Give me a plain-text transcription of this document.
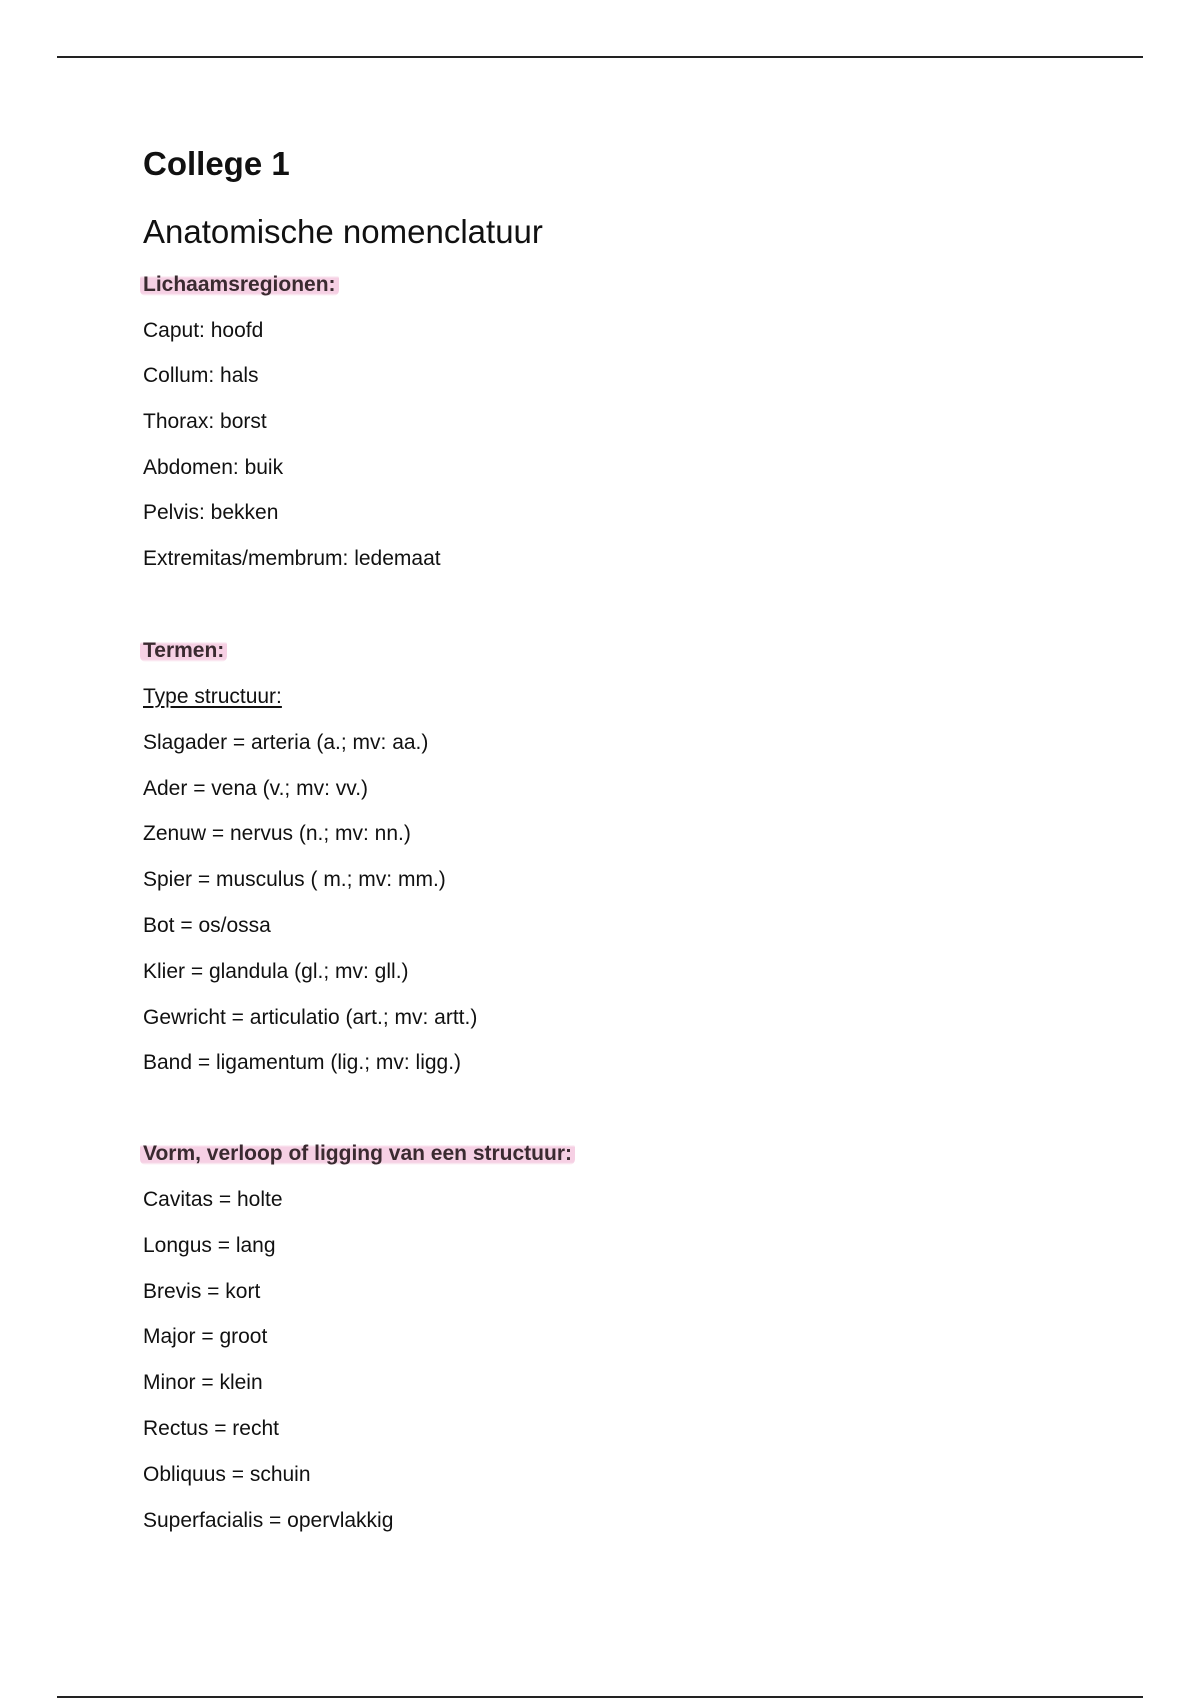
College 1
Anatomische nomenclatuur
Lichaamsregionen:
Caput: hoofd
Collum: hals
Thorax: borst
Abdomen: buik
Pelvis: bekken
Extremitas/membrum: ledemaat
Termen:
Type structuur:
Slagader = arteria (a.; mv: aa.)
Ader = vena (v.; mv: vv.)
Zenuw = nervus (n.; mv: nn.)
Spier = musculus ( m.; mv: mm.)
Bot = os/ossa
Klier = glandula (gl.; mv: gll.)
Gewricht = articulatio (art.; mv: artt.)
Band = ligamentum (lig.; mv: ligg.)
Vorm, verloop of ligging van een structuur:
Cavitas = holte
Longus = lang
Brevis = kort
Major = groot
Minor = klein
Rectus = recht
Obliquus = schuin
Superfacialis = opervlakkig
